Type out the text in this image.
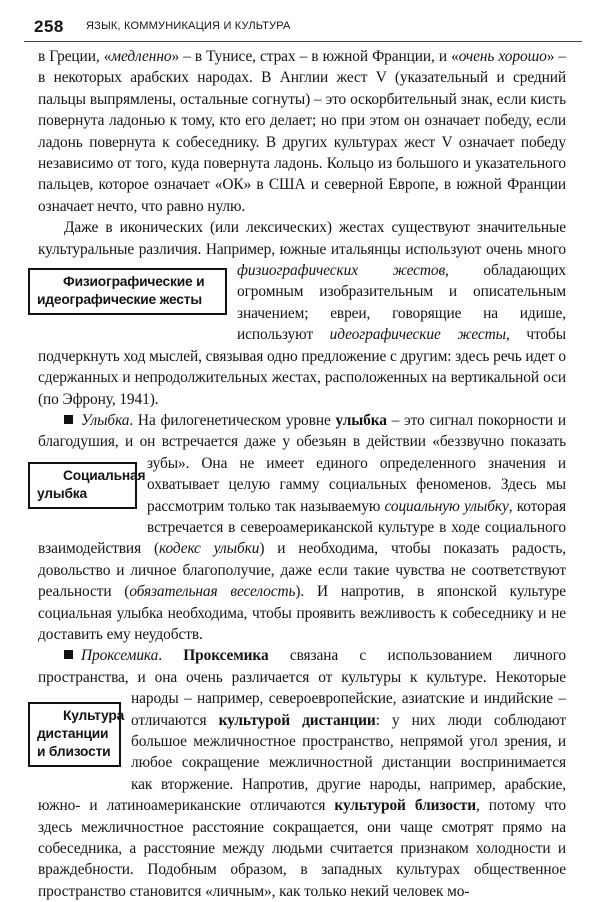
258 ЯЗЫК, КОММУНИКАЦИЯ И КУЛЬТУРА

в Греции, «медленно» – в Тунисе, страх – в южной Франции, и «очень хорошо» – в некоторых арабских народах. В Англии жест V (указательный и средний пальцы выпрямлены, остальные согнуты) – это оскорбительный знак, если кисть повернута ладонью к тому, кто его делает; но при этом он означает победу, если ладонь повернута к собеседнику. В других культурах жест V означает победу независимо от того, куда повернута ладонь. Кольцо из большого и указательного пальцев, которое означает «ОК» в США и северной Европе, в южной Франции означает нечто, что равно нулю.

Даже в иконических (или лексических) жестах существуют значительные культуральные различия. Например, южные итальянцы ис
Физиографические и идеографические жесты
пользуют очень много физиографических жестов, обладающих огромным изобразительным и описательным значением; евреи, говорящие на идише, используют идеографические жесты, чтобы подчеркнуть ход мыслей, связывая одно предложение с другим: здесь речь идет о сдержанных и непродолжительных жестах, расположенных на вертикальной оси (по Эфрону, 1941).

Улыбка. На филогенетическом уровне улыбка – это сигнал покорности и благодушия, и он встречается даже у обезьян в действии «беззвучно показать зубы». Она не имеет единого опре
Социальная улыбка
деленного значения и охватывает целую гамму социальных феноменов. Здесь мы рассмотрим только так называемую социальную улыбку, которая встречается в североамериканской культуре в ходе социального взаимодействия (кодекс улыбки) и необходима, чтобы показать радость, довольство и личное благополучие, даже если такие чувства не соответствуют реальности (обязательная веселость). И напротив, в японской культуре социальная улыбка необходима, чтобы проявить вежливость к собеседнику и не доставить ему неудобств.

Проксемика. Проксемика связана с использованием личного пространства, и она очень различается от культуры к культуре. Неко
Культура дистанции и близости
торые народы – например, североевропейские, азиатские и индийские – отличаются культурой дистанции: у них люди соблюдают большое межличностное пространство, непрямой угол зрения, и любое сокращение межличностной дистанции воспринимается как вторжение. Напротив, другие народы, например, арабские, южно- и латиноамериканские отличаются культурой близости, потому что здесь межличностное расстояние сокращается, они чаще смотрят прямо на собеседника, а расстояние между людьми считается признаком холодности и враждебности. Подобным образом, в западных культурах общественное пространство становится «личным», как только некий человек мо-
